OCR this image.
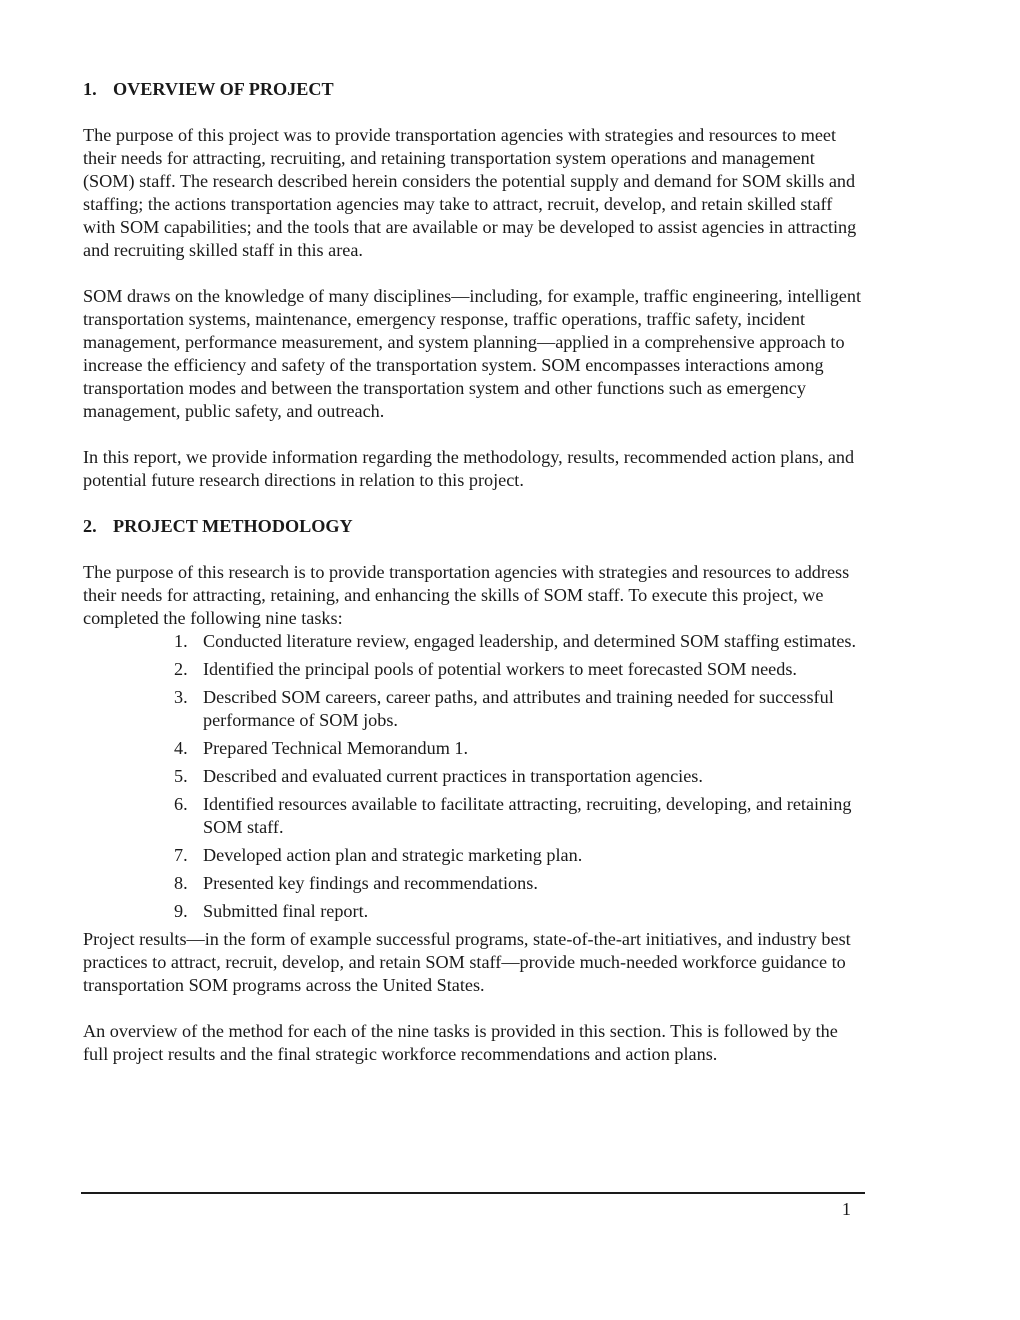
1. OVERVIEW OF PROJECT

The purpose of this project was to provide transportation agencies with strategies and resources to meet their needs for attracting, recruiting, and retaining transportation system operations and management (SOM) staff. The research described herein considers the potential supply and demand for SOM skills and staffing; the actions transportation agencies may take to attract, recruit, develop, and retain skilled staff with SOM capabilities; and the tools that are available or may be developed to assist agencies in attracting and recruiting skilled staff in this area.

SOM draws on the knowledge of many disciplines—including, for example, traffic engineering, intelligent transportation systems, maintenance, emergency response, traffic operations, traffic safety, incident management, performance measurement, and system planning—applied in a comprehensive approach to increase the efficiency and safety of the transportation system. SOM encompasses interactions among transportation modes and between the transportation system and other functions such as emergency management, public safety, and outreach.

In this report, we provide information regarding the methodology, results, recommended action plans, and potential future research directions in relation to this project.

2. PROJECT METHODOLOGY

The purpose of this research is to provide transportation agencies with strategies and resources to address their needs for attracting, retaining, and enhancing the skills of SOM staff. To execute this project, we completed the following nine tasks:

1. Conducted literature review, engaged leadership, and determined SOM staffing estimates.
2. Identified the principal pools of potential workers to meet forecasted SOM needs.
3. Described SOM careers, career paths, and attributes and training needed for successful performance of SOM jobs.
4. Prepared Technical Memorandum 1.
5. Described and evaluated current practices in transportation agencies.
6. Identified resources available to facilitate attracting, recruiting, developing, and retaining SOM staff.
7. Developed action plan and strategic marketing plan.
8. Presented key findings and recommendations.
9. Submitted final report.

Project results—in the form of example successful programs, state-of-the-art initiatives, and industry best practices to attract, recruit, develop, and retain SOM staff—provide much-needed workforce guidance to transportation SOM programs across the United States.

An overview of the method for each of the nine tasks is provided in this section. This is followed by the full project results and the final strategic workforce recommendations and action plans.

1
